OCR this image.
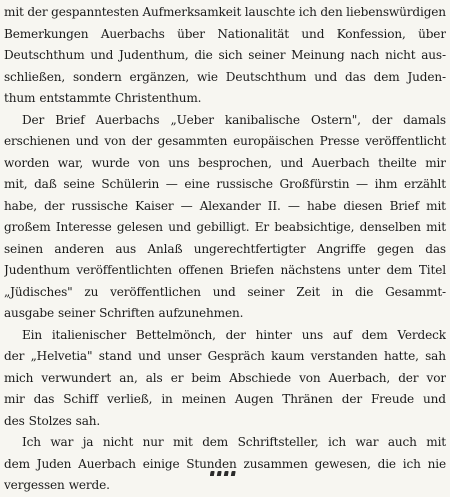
mit der gespanntesten Aufmerksamkeit lauschte ich den liebenswürdigen
Bemerkungen Auerbachs über Nationalität und Konfession, über
Deutschthum und Judenthum, die sich seiner Meinung nach nicht aus-
schließen, sondern ergänzen, wie Deutschthum und das dem Juden-
thum entstammte Christenthum.
Der Brief Auerbachs „Ueber kanibalische Ostern", der damals
erschienen und von der gesammten europäischen Presse veröffentlicht
worden war, wurde von uns besprochen, und Auerbach theilte mir
mit, daß seine Schülerin — eine russische Großfürstin — ihm erzählt
habe, der russische Kaiser — Alexander II. — habe diesen Brief mit
großem Interesse gelesen und gebilligt. Er beabsichtige, denselben mit
seinen anderen aus Anlaß ungerechtfertigter Angriffe gegen das
Judenthum veröffentlichten offenen Briefen nächstens unter dem Titel
„Jüdisches" zu veröffentlichen und seiner Zeit in die Gesammt-
ausgabe seiner Schriften aufzunehmen.
Ein italienischer Bettelmönch, der hinter uns auf dem Verdeck
der „Helvetia" stand und unser Gespräch kaum verstanden hatte, sah
mich verwundert an, als er beim Abschiede von Auerbach, der vor
mir das Schiff verließ, in meinen Augen Thränen der Freude und
des Stolzes sah.
Ich war ja nicht nur mit dem Schriftsteller, ich war auch mit
dem Juden Auerbach einige Stunden zusammen gewesen, die ich nie
vergessen werde.
